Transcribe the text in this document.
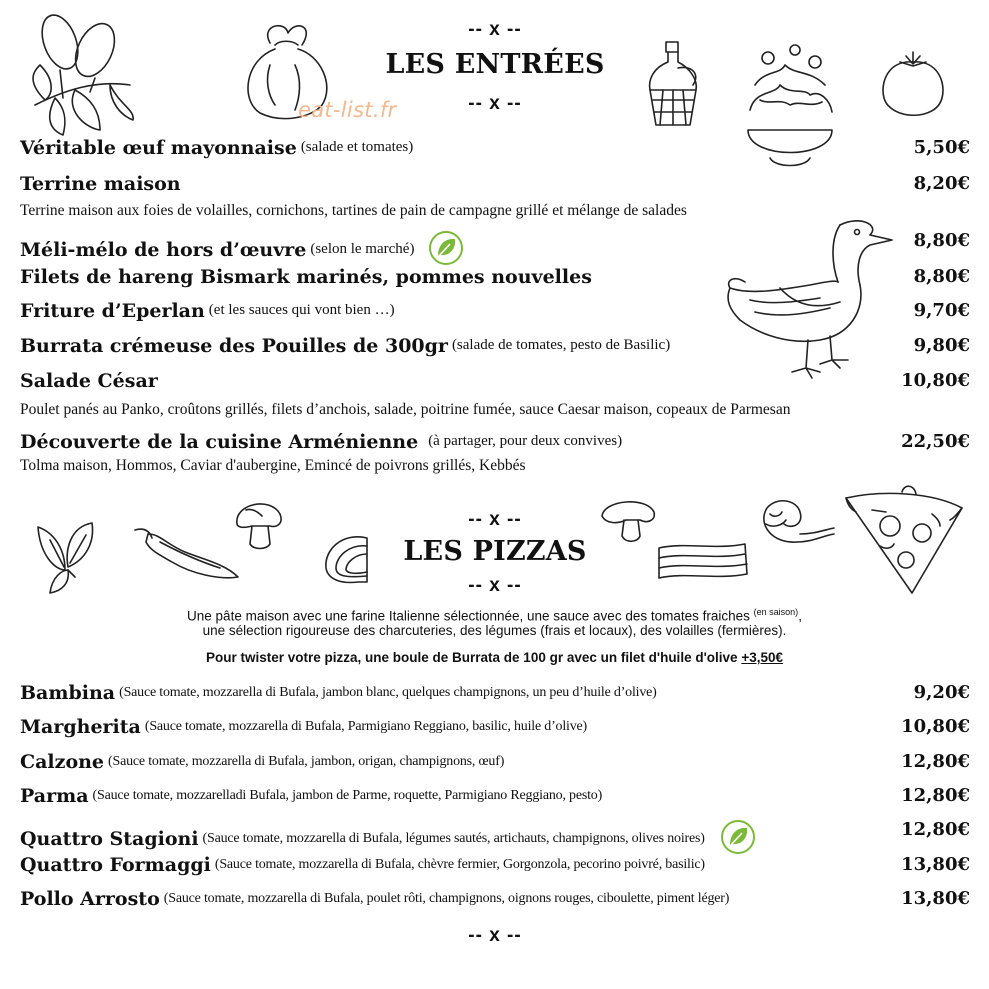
eat-list.fr
-- x --
LES ENTRÉES
-- x --
Véritable œuf mayonnaise (salade et tomates)	5,50€
Terrine maison	8,20€
Terrine maison aux foies de volailles, cornichons, tartines de pain de campagne grillé et mélange de salades
Méli-mélo de hors d’œuvre (selon le marché)	8,80€
Filets de hareng Bismark marinés, pommes nouvelles	8,80€
Friture d’Eperlan (et les sauces qui vont bien …)	9,70€
Burrata crémeuse des Pouilles de 300gr (salade de tomates, pesto de Basilic)	9,80€
Salade César	10,80€
Poulet panés au Panko, croûtons grillés, filets d’anchois, salade, poitrine fumée, sauce Caesar maison, copeaux de Parmesan
Découverte de la cuisine Arménienne (à partager, pour deux convives)	22,50€
Tolma maison, Hommos, Caviar d'aubergine, Emincé de poivrons grillés, Kebbés
-- x --
LES PIZZAS
-- x --
Une pâte maison avec une farine Italienne sélectionnée, une sauce avec des tomates fraiches $^{(en saison)}$,
une sélection rigoureuse des charcuteries, des légumes (frais et locaux), des volailles (fermières).
Pour twister votre pizza, une boule de Burrata de 100 gr avec un filet d'huile d'olive +3,50€
Bambina (Sauce tomate, mozzarella di Bufala, jambon blanc, quelques champignons, un peu d’huile d’olive)	9,20€
Margherita (Sauce tomate, mozzarella di Bufala, Parmigiano Reggiano, basilic, huile d’olive)	10,80€
Calzone (Sauce tomate, mozzarella di Bufala, jambon, origan, champignons, œuf)	12,80€
Parma (Sauce tomate, mozzarelladi Bufala, jambon de Parme, roquette, Parmigiano Reggiano, pesto)	12,80€
Quattro Stagioni (Sauce tomate, mozzarella di Bufala, légumes sautés, artichauts, champignons, olives noires)	12,80€
Quattro Formaggi (Sauce tomate, mozzarella di Bufala, chèvre fermier, Gorgonzola, pecorino poivré, basilic)	13,80€
Pollo Arrosto (Sauce tomate, mozzarella di Bufala, poulet rôti, champignons, oignons rouges, ciboulette, piment léger)	13,80€
-- x --
